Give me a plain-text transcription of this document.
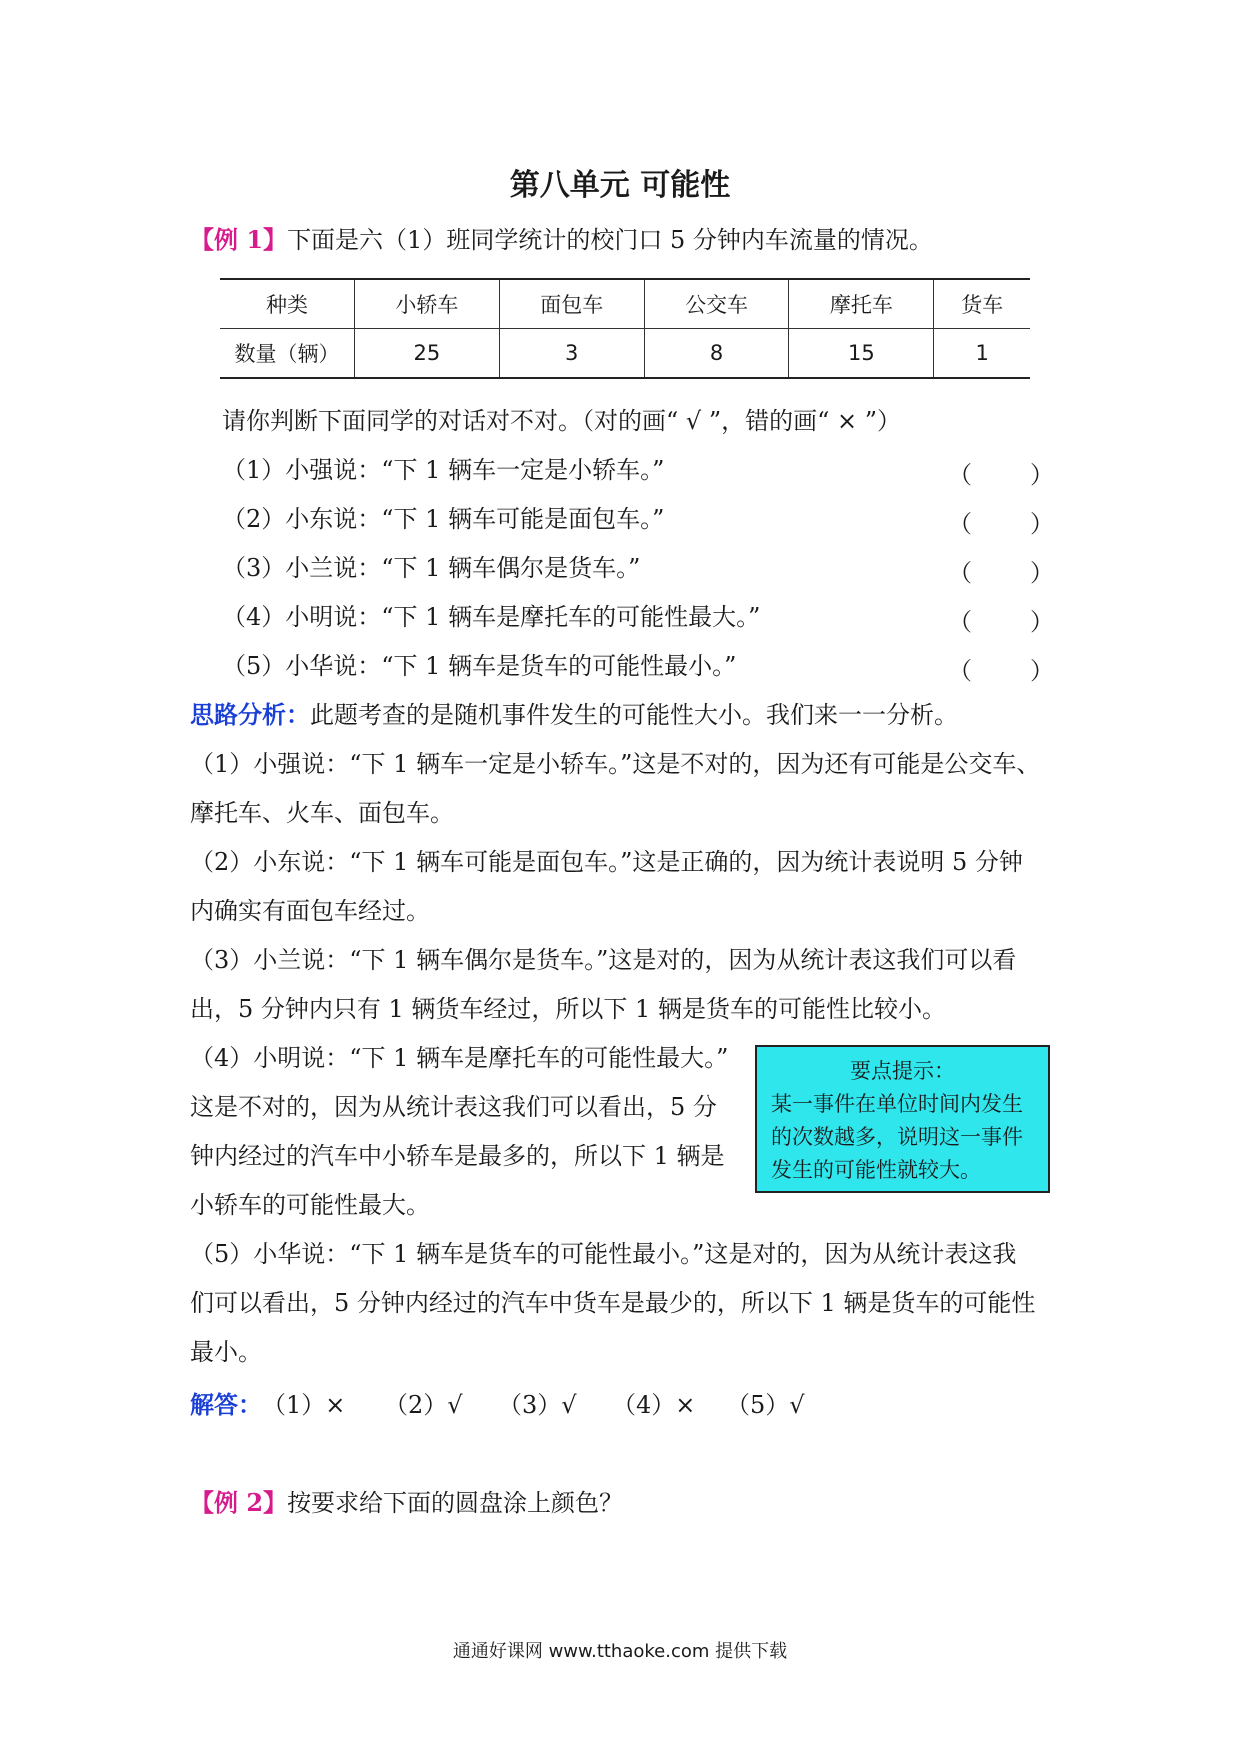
第八单元 可能性
【例 1】下面是六（1）班同学统计的校门口 5 分钟内车流量的情况。
种类	小轿车	面包车	公交车	摩托车	货车
数量（辆）	25	3	8	15	1
请你判断下面同学的对话对不对。（对的画“ √ ”，错的画“ × ”）
（1）小强说：“下 1 辆车一定是小轿车。”	（ ）
（2）小东说：“下 1 辆车可能是面包车。”	（ ）
（3）小兰说：“下 1 辆车偶尔是货车。”	（ ）
（4）小明说：“下 1 辆车是摩托车的可能性最大。”	（ ）
（5）小华说：“下 1 辆车是货车的可能性最小。”	（ ）
思路分析：此题考查的是随机事件发生的可能性大小。我们来一一分析。
（1）小强说：“下 1 辆车一定是小轿车。”这是不对的，因为还有可能是公交车、
摩托车、火车、面包车。
（2）小东说：“下 1 辆车可能是面包车。”这是正确的，因为统计表说明 5 分钟
内确实有面包车经过。
（3）小兰说：“下 1 辆车偶尔是货车。”这是对的，因为从统计表这我们可以看
出，5 分钟内只有 1 辆货车经过，所以下 1 辆是货车的可能性比较小。
（4）小明说：“下 1 辆车是摩托车的可能性最大。”
这是不对的，因为从统计表这我们可以看出，5 分
钟内经过的汽车中小轿车是最多的，所以下 1 辆是
小轿车的可能性最大。
（5）小华说：“下 1 辆车是货车的可能性最小。”这是对的，因为从统计表这我
们可以看出，5 分钟内经过的汽车中货车是最少的，所以下 1 辆是货车的可能性
最小。
要点提示：
某一事件在单位时间内发生
的次数越多，说明这一事件
发生的可能性就较大。
解答： （1）× （2）√ （3）√ （4）× （5）√
【例 2】按要求给下面的圆盘涂上颜色？
通通好课网 www.tthaoke.com 提供下载
